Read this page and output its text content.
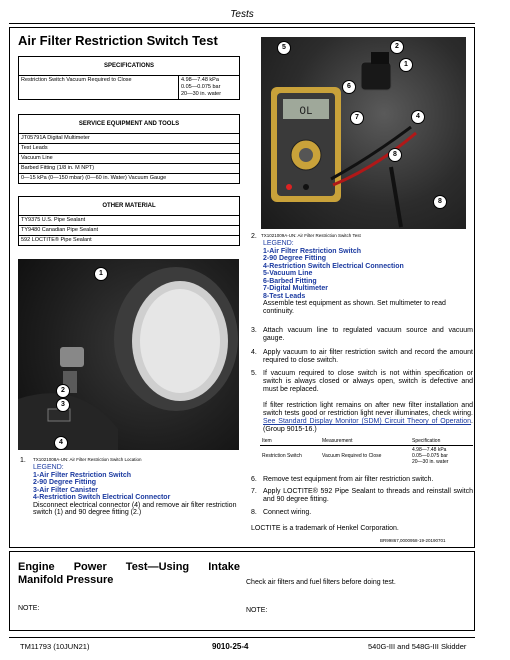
Tests
Air Filter Restriction Switch Test
SPECIFICATIONS
Restriction Switch Vacuum Required to Close	4.98—7.48 kPa
0.05—0.075 bar
20—30 in. water
SERVICE EQUIPMENT AND TOOLS
JT05791A Digital Multimeter
Test Leads
Vacuum Line
Barbed Fitting (1/8 in. M NPT)
0—15 kPa (0—150 mbar) (0—60 in. Water) Vacuum Gauge
OTHER MATERIAL
TY9375 U.S. Pipe Sealant
TY9480 Canadian Pipe Sealant
592 LOCTITE® Pipe Sealant
OL
5	2
1
6
7	4
8
8
TX1021009A-UN: Air Filter Restriction Switch Test
2.
LEGEND:
1-Air Filter Restriction Switch
2-90 Degree Fitting
4-Restriction Switch Electrical Connection
5-Vacuum Line
6-Barbed Fitting
7-Digital Multimeter
8-Test Leads
Assemble test equipment as shown. Set multimeter to read continuity.
3. Attach vacuum line to regulated vacuum source and vacuum gauge.
4. Apply vacuum to air filter restriction switch and record the amount required to close switch.
5. If vacuum required to close switch is not within specification or switch is always closed or always open, switch is defective and must be replaced.
If filter restriction light remains on after new filter installation and switch tests good or restriction light never illuminates, check wiring. See Standard Display Monitor (SDM) Circuit Theory of Operation. (Group 9015-16.)
Item	Measurement	Specification
Restriction Switch	Vacuum Required to Close	4.98—7.48 kPa
0.05—0.075 bar
20—30 in. water
1
2
3
4
TX1021008A-UN: Air Filter Restriction Switch Location
1.
LEGEND:
1-Air Filter Restriction Switch
2-90 Degree Fitting
3-Air Filter Canister
4-Restriction Switch Electrical Connector
Disconnect electrical connector (4) and remove air filter restriction switch (1) and 90 degree fitting (2.)
6. Remove test equipment from air filter restriction switch.
7. Apply LOCTITE® 592 Pipe Sealant to threads and reinstall switch and 90 degree fitting.
8. Connect wiring.
LOCTITE is a trademark of Henkel Corporation.
BR99867,0000958-19-20190701
Engine Power Test—Using Intake Manifold Pressure	Check air filters and fuel filters before doing test.
NOTE:	NOTE:
TM11793 (10JUN21)	9010-25-4	540G-III and 548G-III Skidder
